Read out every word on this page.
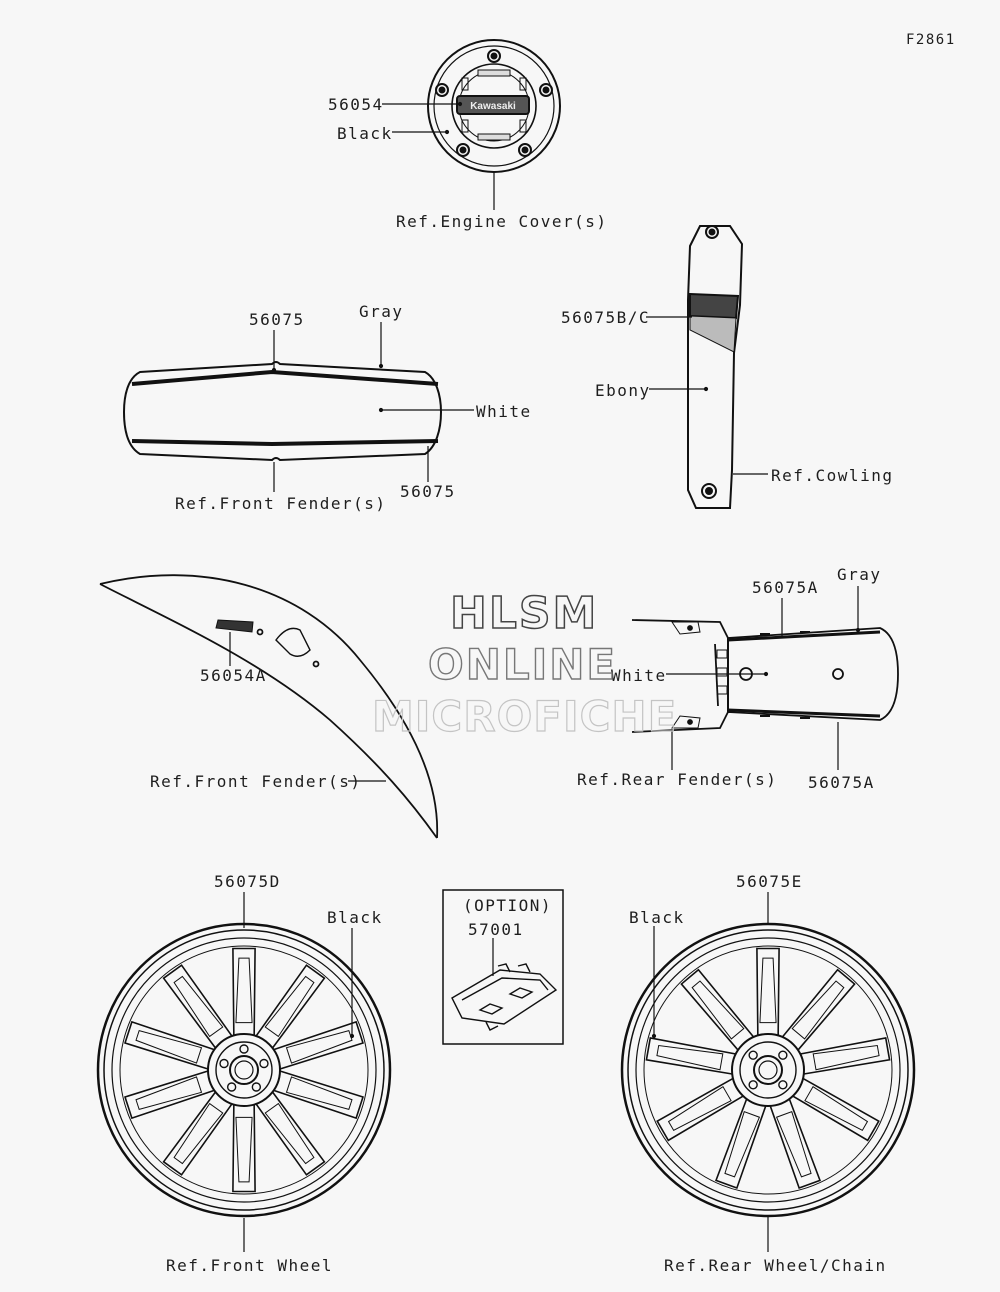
Kawasaki
F2861
56054
Black
Ref.Engine Cover(s)
56075	Gray
White
56075
Ref.Front Fender(s)
56075B/C
Ebony
Ref.Cowling
56054A
Ref.Front Fender(s)
56075A
Gray
White
Ref.Rear Fender(s) 56075A
56075D
Black
Ref.Front Wheel
(OPTION)
57001
56075E
Black
Ref.Rear Wheel/Chain
HLSM
ONLINE
MICROFICHE
